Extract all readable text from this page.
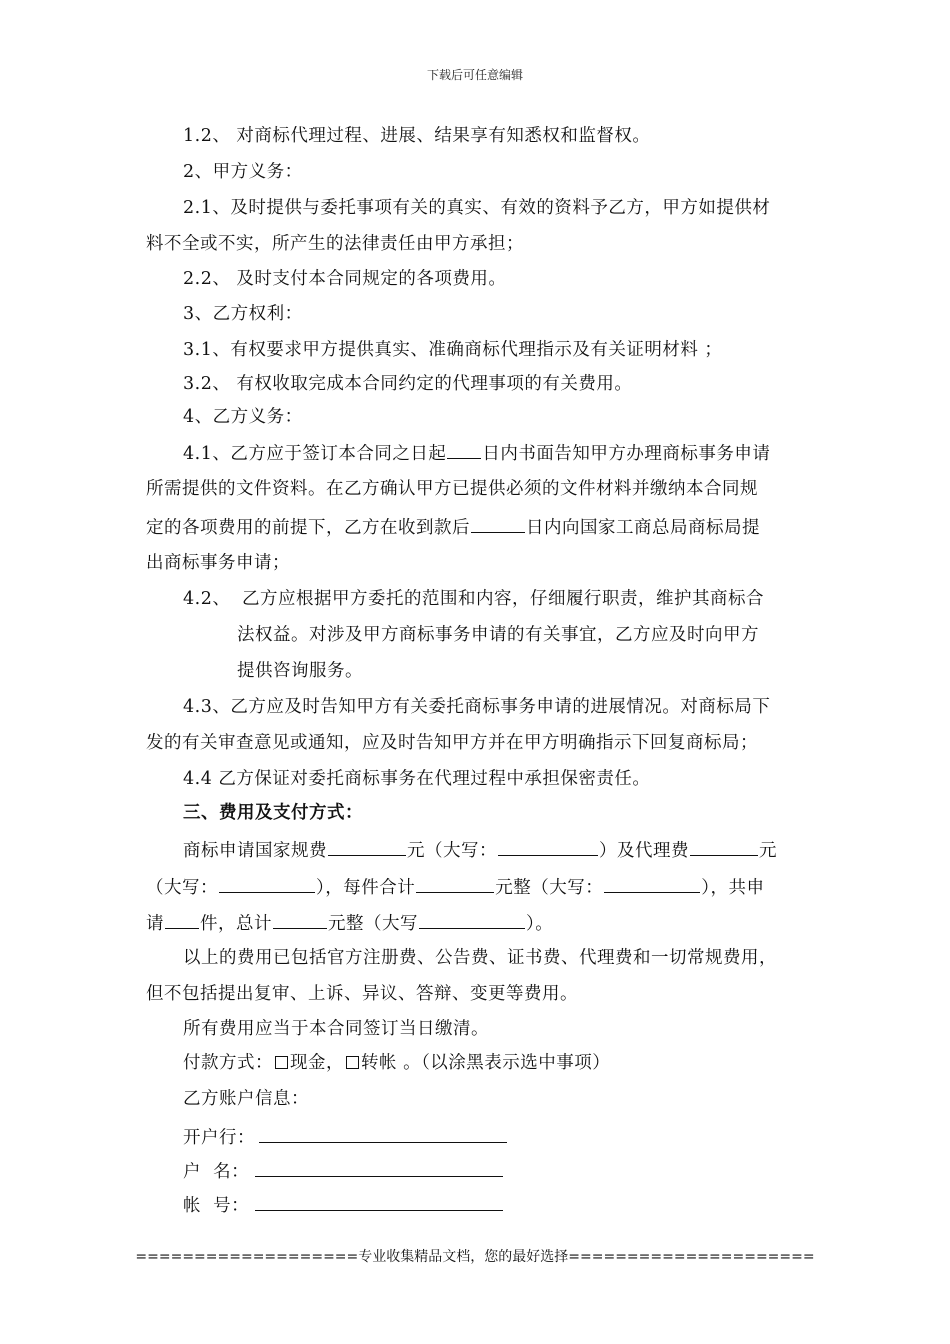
下载后可任意编辑
1.2、 对商标代理过程、进展、结果享有知悉权和监督权。
2、甲方义务：
2.1、及时提供与委托事项有关的真实、有效的资料予乙方，甲方如提供材
料不全或不实，所产生的法律责任由甲方承担；
2.2、 及时支付本合同规定的各项费用。
3、乙方权利：
3.1、有权要求甲方提供真实、准确商标代理指示及有关证明材料 ；
3.2、 有权收取完成本合同约定的代理事项的有关费用。
4、乙方义务：
4.1、乙方应于签订本合同之日起 日内书面告知甲方办理商标事务申请
所需提供的文件资料。在乙方确认甲方已提供必须的文件材料并缴纳本合同规
定的各项费用的前提下，乙方在收到款后	日内向国家工商总局商标局提
出商标事务申请；
4.2、 乙方应根据甲方委托的范围和内容，仔细履行职责，维护其商标合
法权益。对涉及甲方商标事务申请的有关事宜，乙方应及时向甲方
提供咨询服务。
4.3、乙方应及时告知甲方有关委托商标事务申请的进展情况。对商标局下
发的有关审查意见或通知，应及时告知甲方并在甲方明确指示下回复商标局；
4.4 乙方保证对委托商标事务在代理过程中承担保密责任。
三、费用及支付方式：
商标申请国家规费	元（大写：	）及代理费	元
（大写：	），每件合计	元整（大写：	），共申
请 件，总计	元整（大写	）。
以上的费用已包括官方注册费、公告费、证书费、代理费和一切常规费用，
但不包括提出复审、上诉、异议、答辩、变更等费用。
所有费用应当于本合同签订当日缴清。
付款方式： 现金， 转帐 。（以涂黑表示选中事项）
乙方账户信息：
开户行：
户  名：
帐  号：
===================专业收集精品文档，您的最好选择=====================
